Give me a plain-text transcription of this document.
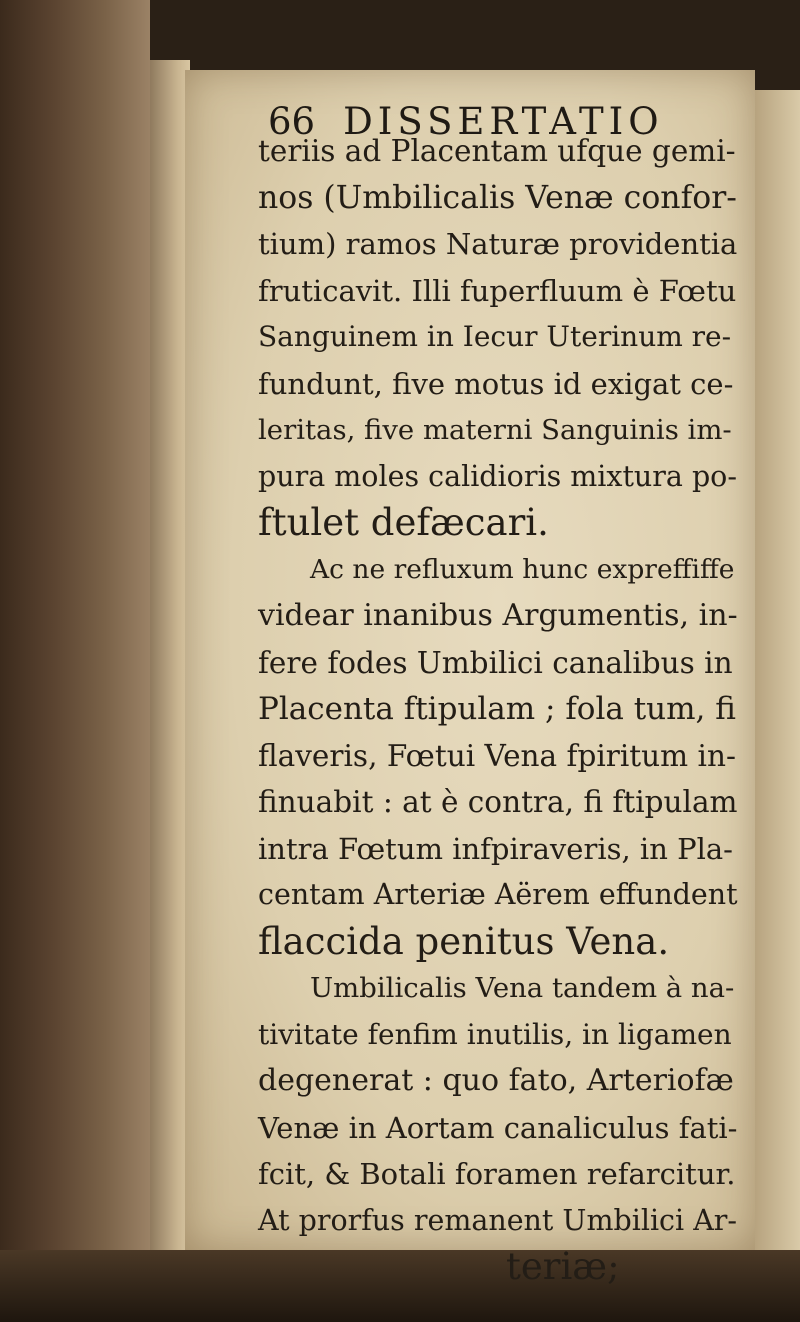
66 DISSERTATIO
teriis ad Placentam ufque gemi-
nos (Umbilicalis Venæ confor-
tium) ramos Naturæ providentia
fruticavit. Illi fuperfluum è Fœtu
Sanguinem in Iecur Uterinum re-
fundunt, five motus id exigat ce-
leritas, five materni Sanguinis im-
pura moles calidioris mixtura po-
ftulet defæcari.
Ac ne refluxum hunc expreffiffe
videar inanibus Argumentis, in-
fere fodes Umbilici canalibus in
Placenta ftipulam ; fola tum, fi
flaveris, Fœtui Vena fpiritum in-
finuabit : at è contra, fi ftipulam
intra Fœtum infpiraveris, in Pla-
centam Arteriæ Aërem effundent
flaccida penitus Vena.
Umbilicalis Vena tandem à na-
tivitate fenfim inutilis, in ligamen
degenerat : quo fato, Arteriofæ
Venæ in Aortam canaliculus fati-
fcit, & Botali foramen refarcitur.
At prorfus remanent Umbilici Ar-
teriæ;
